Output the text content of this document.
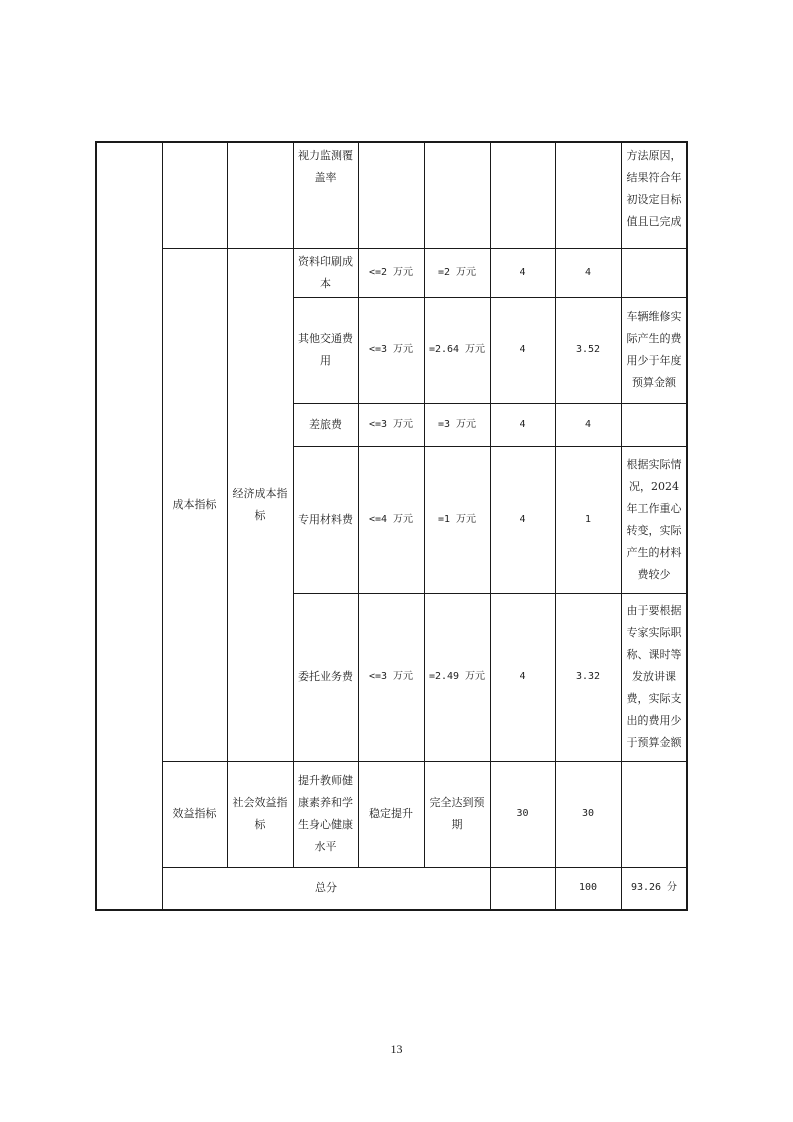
			视力监测覆盖率					方法原因，结果符合年初设定目标值且已完成	

	成本指标	经济成本指标	资料印刷成本	<=2 万元	=2 万元	4	4		
			其他交通费用	<=3 万元	=2.64 万元	4	3.52	车辆维修实际产生的费用少于年度预算金额	
			差旅费	<=3 万元	=3 万元	4	4		
			专用材料费	<=4 万元	=1 万元	4	1	根据实际情况，2024年工作重心转变，实际产生的材料费较少	
			委托业务费	<=3 万元	=2.49 万元	4	3.32	由于要根据专家实际职称、课时等发放讲课费，实际支出的费用少于预算金额	
	效益指标	社会效益指标	提升教师健康素养和学生身心健康水平	稳定提升	完全达到预期	30	30		
	总分						100	93.26 分	
13
